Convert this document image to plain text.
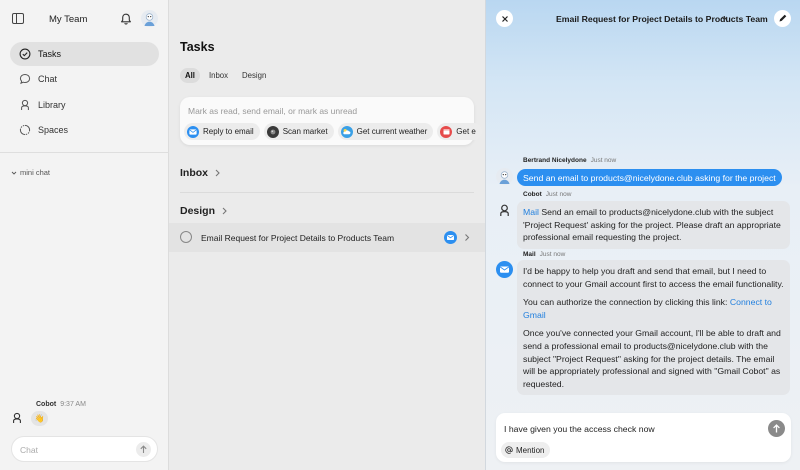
My Team
Tasks
Chat
Library
Spaces
mini chat
Cobot 9:37 AM
👋
Chat
Tasks
All	Inbox	Design
Mark as read, send email, or mark as unread
Reply to email	Scan market	Get current weather	Get e
Inbox
Design
Email Request for Project Details to Products Team
Email Request for Project Details to Products Team
Bertrand Nicelydone Just now
Send an email to products@nicelydone.club asking for the project
Cobot Just now
Mail Send an email to products@nicelydone.club with the subject 'Project Request' asking for the project. Please draft an appropriate professional email requesting the project.
Mail Just now

I'd be happy to help you draft and send that email, but I need to connect to your Gmail account first to access the email functionality.

You can authorize the connection by clicking this link: Connect to Gmail

Once you've connected your Gmail account, I'll be able to draft and send a professional email to products@nicelydone.club with the subject "Project Request" asking for the project details. The email will be appropriately professional and signed with "Gmail Cobot" as requested.

I have given you the access check now
Mention
